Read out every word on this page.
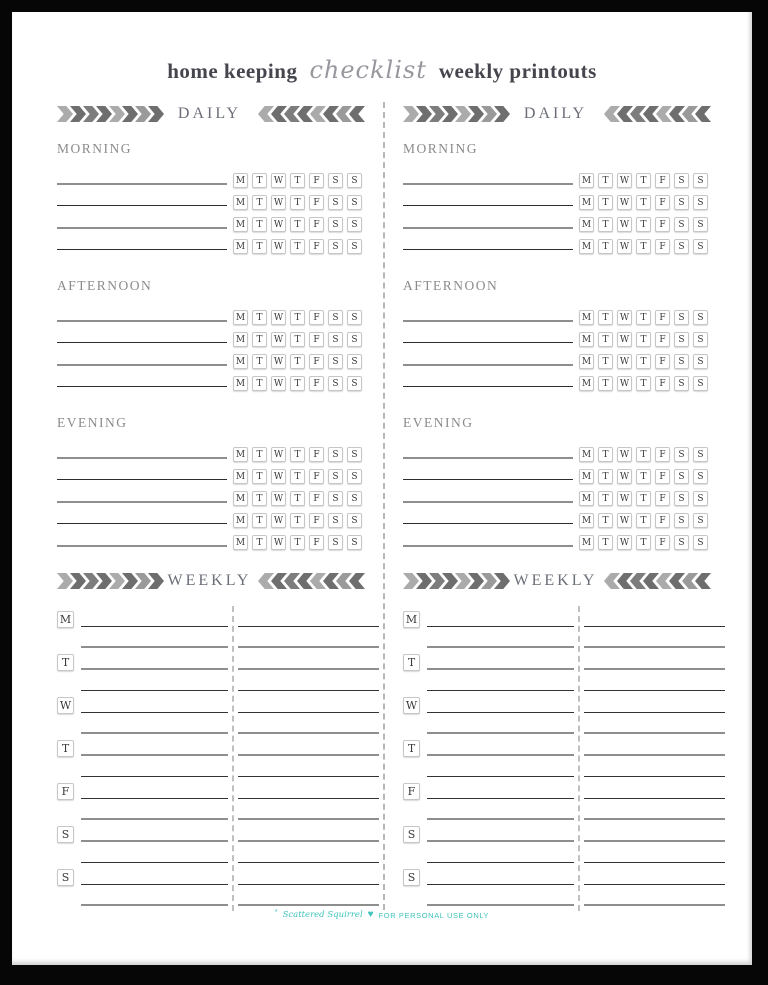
home keeping checklist weekly printouts
DAILY
MORNING
M	T	W	T	F	S	S
M	T	W	T	F	S	S
M	T	W	T	F	S	S
M	T	W	T	F	S	S
AFTERNOON
M	T	W	T	F	S	S
M	T	W	T	F	S	S
M	T	W	T	F	S	S
M	T	W	T	F	S	S
EVENING
M	T	W	T	F	S	S
M	T	W	T	F	S	S
M	T	W	T	F	S	S
M	T	W	T	F	S	S
M	T	W	T	F	S	S
WEEKLY
M
T
W
T
F
S
S
DAILY
MORNING
M	T	W	T	F	S	S
M	T	W	T	F	S	S
M	T	W	T	F	S	S
M	T	W	T	F	S	S
AFTERNOON
M	T	W	T	F	S	S
M	T	W	T	F	S	S
M	T	W	T	F	S	S
M	T	W	T	F	S	S
EVENING
M	T	W	T	F	S	S
M	T	W	T	F	S	S
M	T	W	T	F	S	S
M	T	W	T	F	S	S
M	T	W	T	F	S	S
WEEKLY
M
T
W
T
F
S
S
* Scattered Squirrel ♥ FOR PERSONAL USE ONLY
